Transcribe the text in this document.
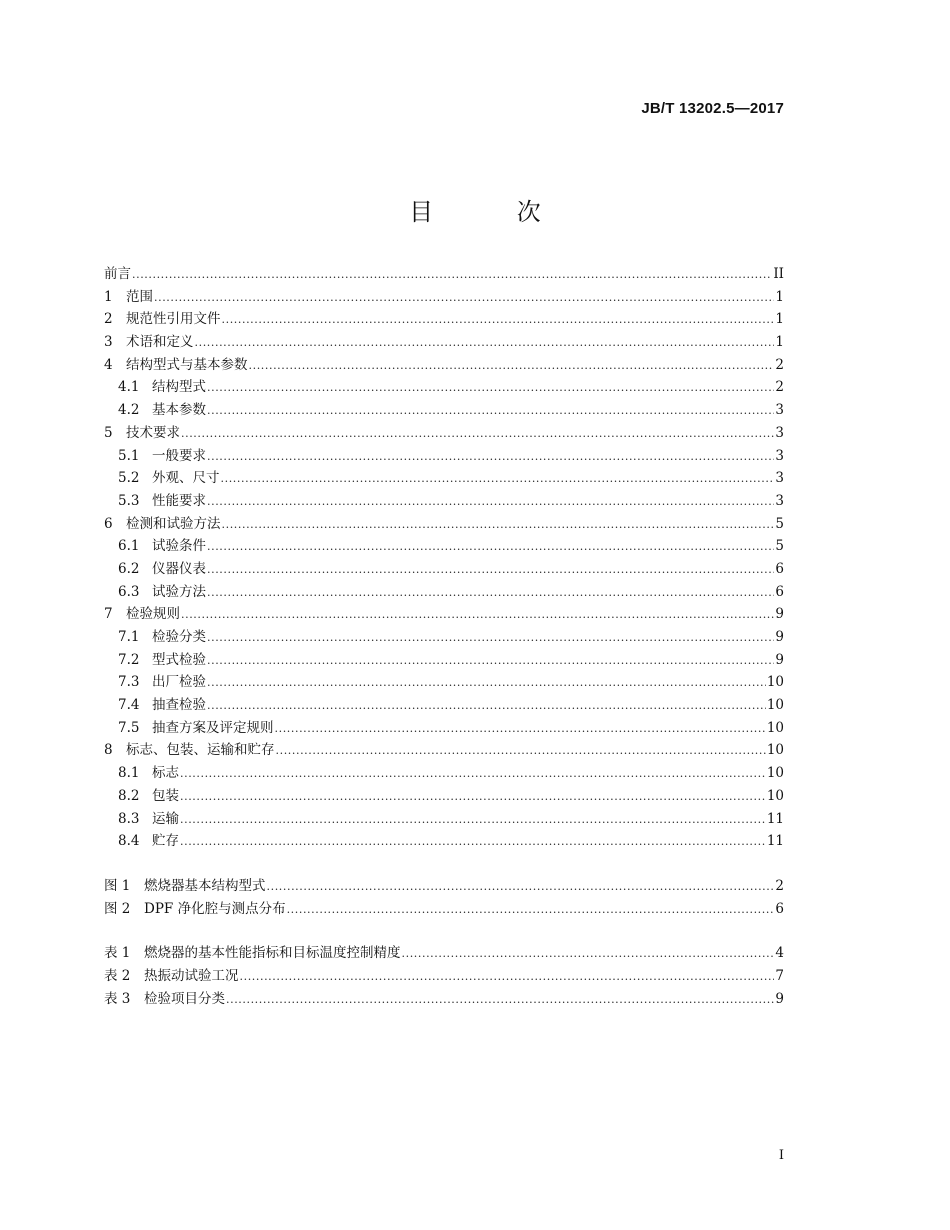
JB/T 13202.5—2017
目 次
前言 .....	II
1 范围 .....	1
2 规范性引用文件 .....	1
3 术语和定义 .....	1
4 结构型式与基本参数 .....	2
4.1 结构型式 .....	2
4.2 基本参数 .....	3
5 技术要求 .....	3
5.1 一般要求 .....	3
5.2 外观、尺寸 .....	3
5.3 性能要求 .....	3
6 检测和试验方法 .....	5
6.1 试验条件 .....	5
6.2 仪器仪表 .....	6
6.3 试验方法 .....	6
7 检验规则 .....	9
7.1 检验分类 .....	9
7.2 型式检验 .....	9
7.3 出厂检验 .....	10
7.4 抽查检验 .....	10
7.5 抽查方案及评定规则 .....	10
8 标志、包装、运输和贮存 .....	10
8.1 标志 .....	10
8.2 包装 .....	10
8.3 运输 .....	11
8.4 贮存 .....	11
图 1	燃烧器基本结构型式 .....	2
图 2	DPF 净化腔与测点分布 .....	6
表 1	燃烧器的基本性能指标和目标温度控制精度 .....	4
表 2	热振动试验工况 .....	7
表 3	检验项目分类 .....	9
I
